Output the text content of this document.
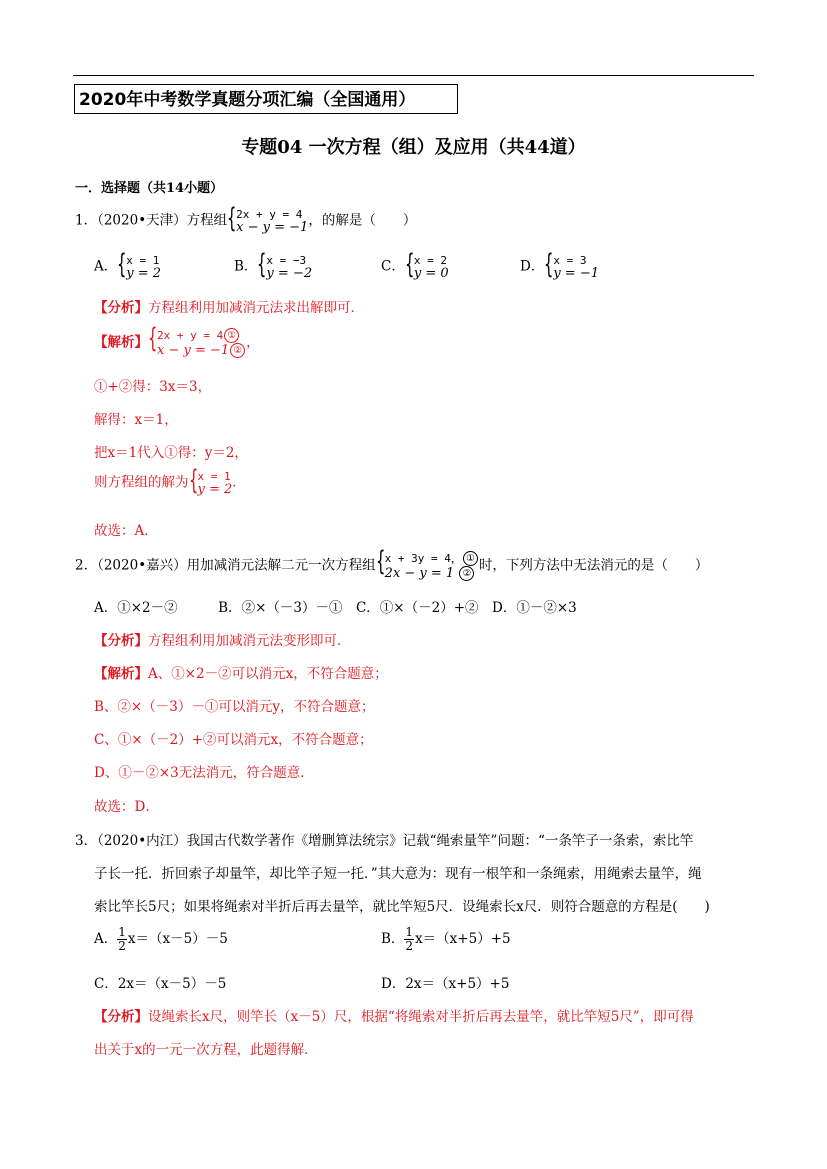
2020年中考数学真题分项汇编（全国通用）
专题04 一次方程（组）及应用（共44道）
一．选择题（共14小题）
1．（2020•天津）方程组 { 2x + y = 4
x − y = −1 ，的解是（　　）
A． { x = 1
y = 2	B． { x = −3
y = −2	C． { x = 2
y = 0	D． { x = 3
y = −1
【分析】方程组利用加减消元法求出解即可．
【解析】 { 2x + y = 4 ①
x − y = −1 ② ，
①+②得：3x＝3，
解得：x＝1，
把x＝1代入①得：y＝2，
则方程组的解为 { x = 1
y = 2 ．
故选：A．
2．（2020•嘉兴）用加减消元法解二元一次方程组 { x + 3y = 4， ①
2x − y = 1 ② 时，下列方法中无法消元的是（　　）
A．①×2－②　　　B．②×（－3）－①　C．①×（－2）+②　D．①－②×3
【分析】方程组利用加减消元法变形即可．
【解析】A、①×2－②可以消元x，不符合题意；
B、②×（－3）－①可以消元y，不符合题意；
C、①×（－2）+②可以消元x，不符合题意；
D、①－②×3无法消元，符合题意．
故选：D．
3．（2020•内江）我国古代数学著作《增删算法统宗》记载“绳索量竿”问题：“一条竿子一条索，索比竿
子长一托．折回索子却量竿，却比竿子短一托．”其大意为：现有一根竿和一条绳索，用绳索去量竿，绳
索比竿长5尺；如果将绳索对半折后再去量竿，就比竿短5尺．设绳索长x尺．则符合题意的方程是(　　)
A． $\frac{1}{2} x=(x-5)-5$	B． $\frac{1}{2} x=(x+5)+5$
C．2x＝（x－5）－5	D．2x＝（x+5）+5
【分析】设绳索长x尺，则竿长（x－5）尺，根据“将绳索对半折后再去量竿，就比竿短5尺”，即可得
出关于x的一元一次方程，此题得解．
